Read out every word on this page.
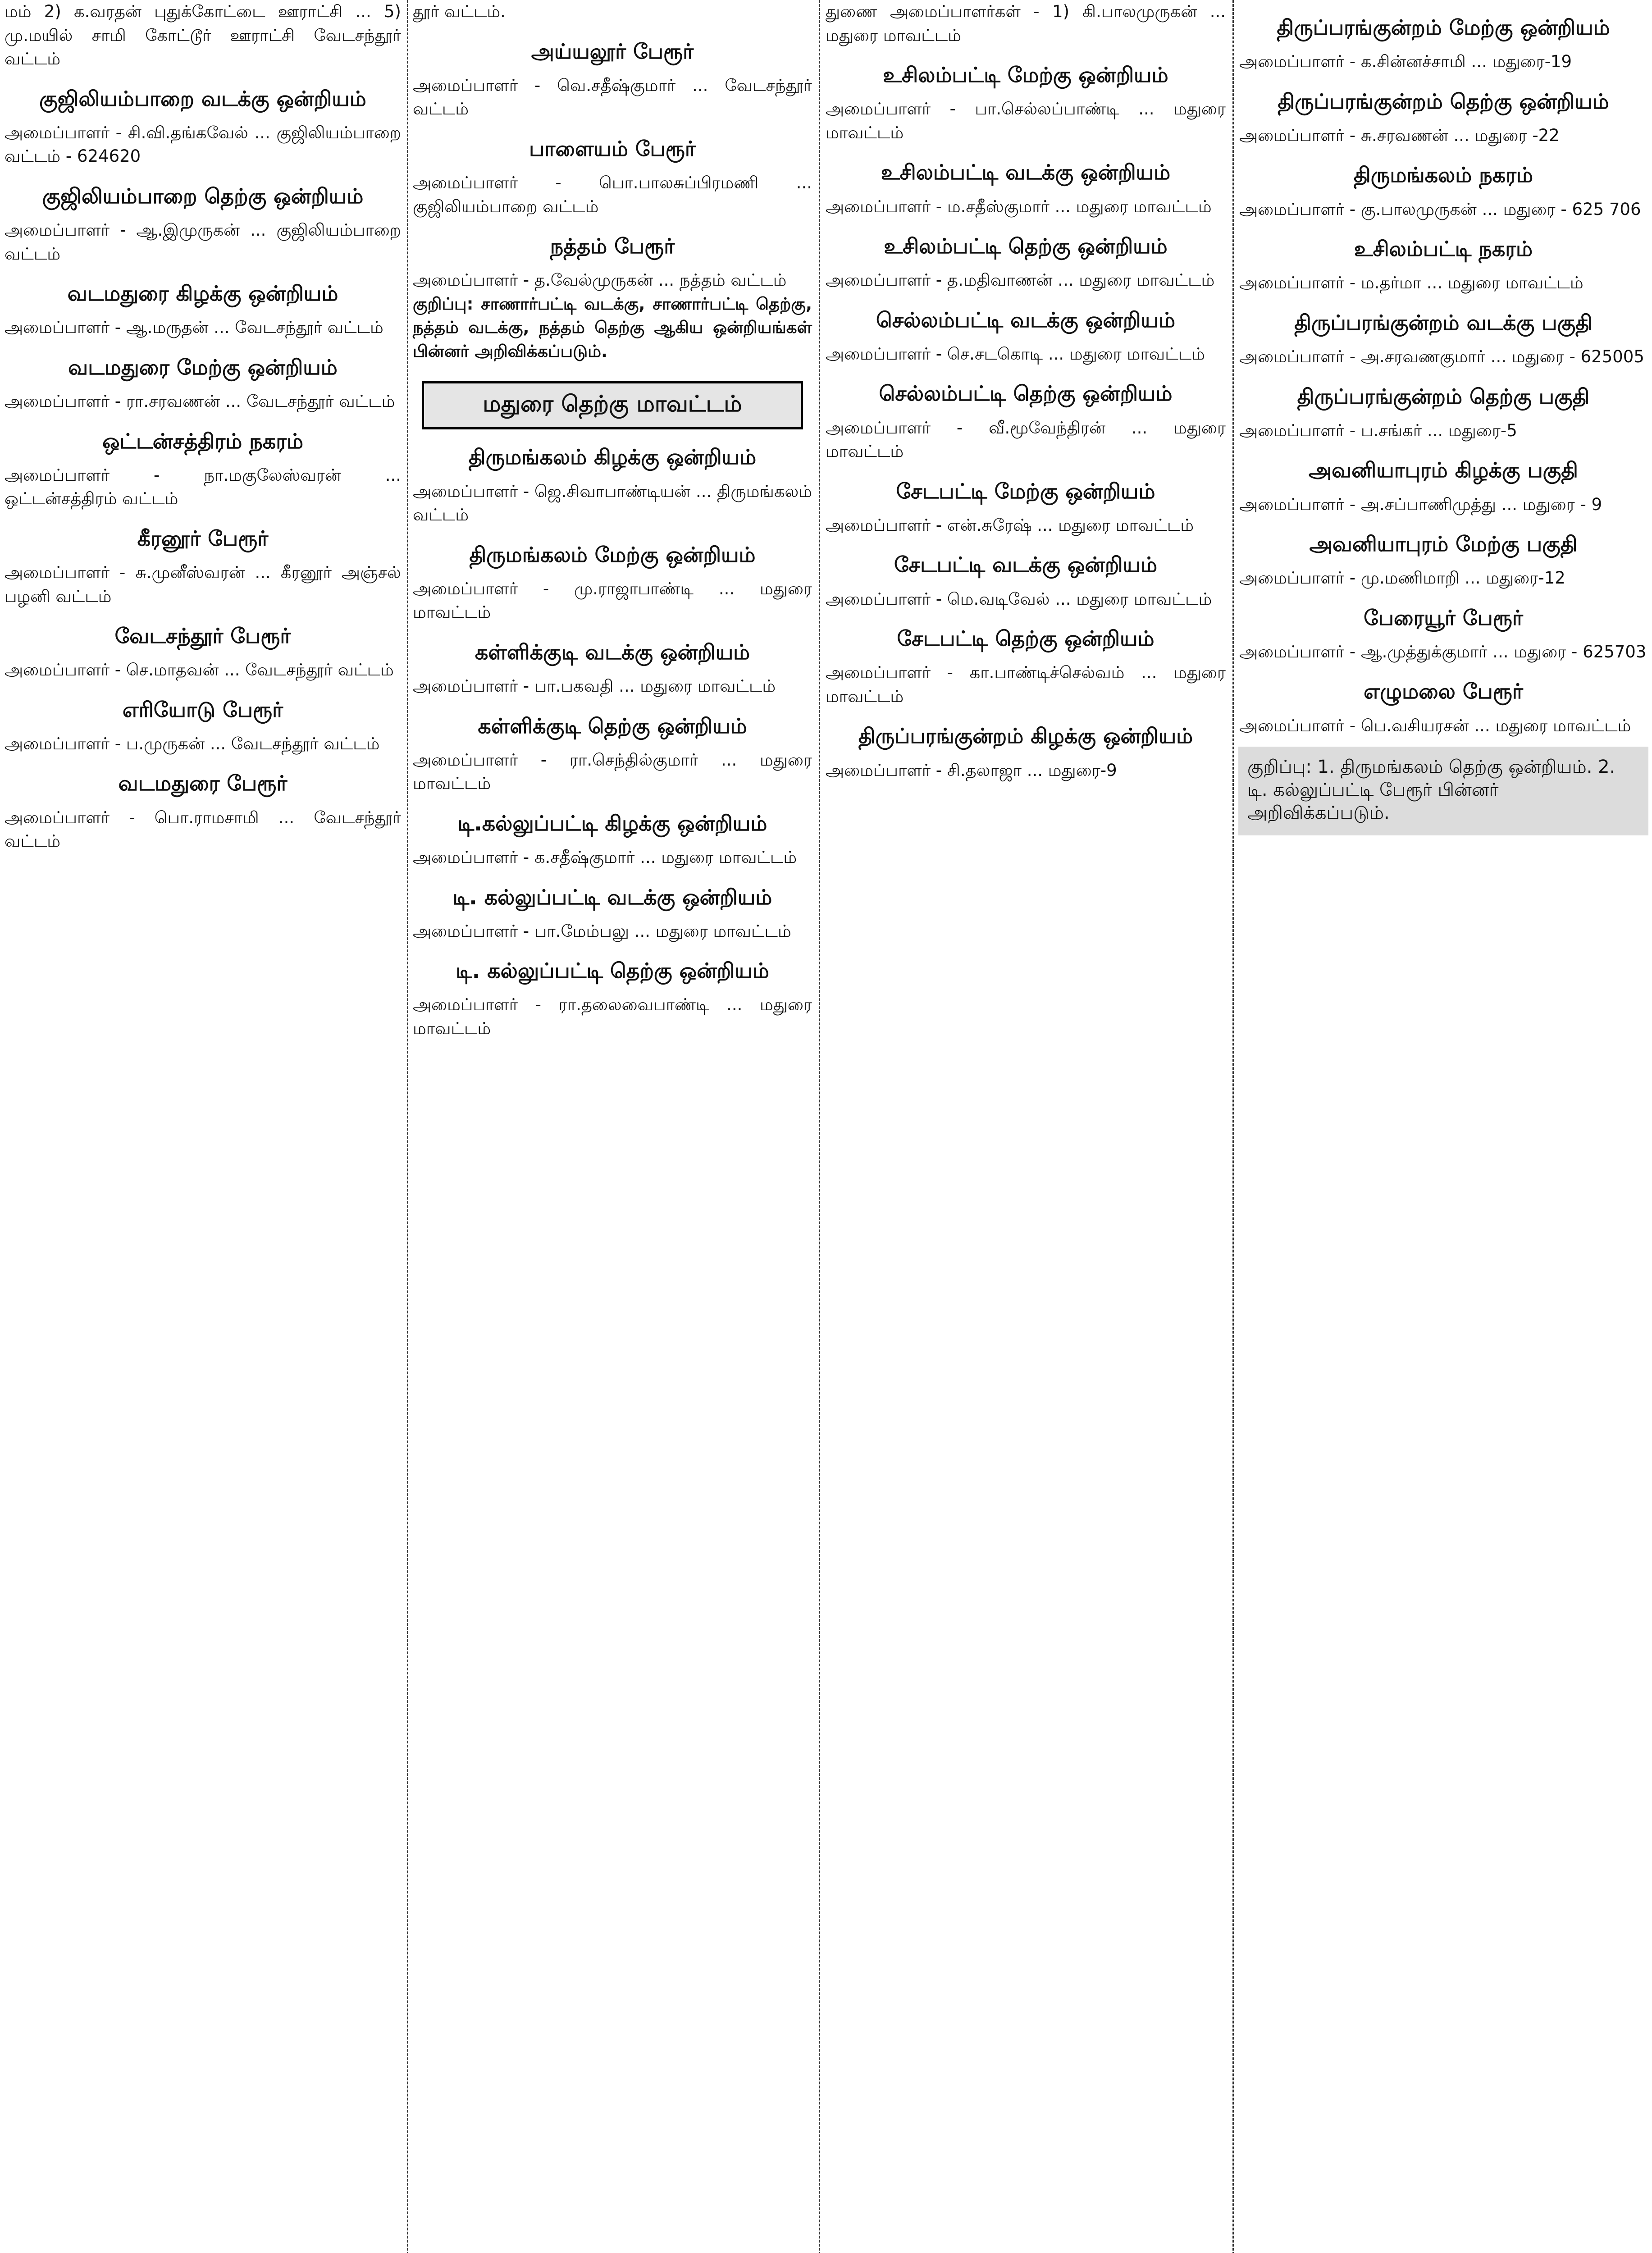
மம் 2) க.வரதன் புதுக்கோட்டை ஊராட்சி ... 5) மு.மயில் சாமி கோட்டூர் ஊராட்சி வேடசந்தூர் வட்டம்
குஜிலியம்பாறை வடக்கு ஒன்றியம்
அமைப்பாளர் - சி.வி.தங்கவேல் ... குஜிலியம்பாறை வட்டம் - 624620
குஜிலியம்பாறை தெற்கு ஒன்றியம்
அமைப்பாளர் - ஆ.இமுருகன் ... குஜிலியம்பாறை வட்டம்
வடமதுரை கிழக்கு ஒன்றியம்
அமைப்பாளர் - ஆ.மருதன் ... வேடசந்தூர் வட்டம்
வடமதுரை மேற்கு ஒன்றியம்
அமைப்பாளர் - ரா.சரவணன் ... வேடசந்தூர் வட்டம்
ஒட்டன்சத்திரம் நகரம்
அமைப்பாளர் - நா.மகுலேஸ்வரன் ... ஒட்டன்சத்திரம் வட்டம்
கீரனூர் பேரூர்
அமைப்பாளர் - சு.முனீஸ்வரன் ... கீரனூர் அஞ்சல் பழனி வட்டம்
வேடசந்தூர் பேரூர்
அமைப்பாளர் - செ.மாதவன் ... வேடசந்தூர் வட்டம்
எரியோடு பேரூர்
அமைப்பாளர் - ப.முருகன் ... வேடசந்தூர் வட்டம்
வடமதுரை பேரூர்
அமைப்பாளர் - பொ.ராமசாமி ... வேடசந்தூர் வட்டம்
தூர் வட்டம்.
அய்யலூர் பேரூர்
அமைப்பாளர் - வெ.சதீஷ்குமார் ... வேடசந்தூர் வட்டம்
பாளையம் பேரூர்
அமைப்பாளர் - பொ.பாலசுப்பிரமணி ... குஜிலியம்பாறை வட்டம்
நத்தம் பேரூர்
அமைப்பாளர் - த.வேல்முருகன் ... நத்தம் வட்டம்
குறிப்பு: சாணார்பட்டி வடக்கு, சாணார்பட்டி தெற்கு, நத்தம் வடக்கு, நத்தம் தெற்கு ஆகிய ஒன்றியங்கள் பின்னர் அறிவிக்கப்படும்.
மதுரை தெற்கு மாவட்டம்
திருமங்கலம் கிழக்கு ஒன்றியம்
அமைப்பாளர் - ஜெ.சிவாபாண்டியன் ... திருமங்கலம் வட்டம்
திருமங்கலம் மேற்கு ஒன்றியம்
அமைப்பாளர் - மு.ராஜாபாண்டி ... மதுரை மாவட்டம்
கள்ளிக்குடி வடக்கு ஒன்றியம்
அமைப்பாளர் - பா.பகவதி ... மதுரை மாவட்டம்
கள்ளிக்குடி தெற்கு ஒன்றியம்
அமைப்பாளர் - ரா.செந்தில்குமார் ... மதுரை மாவட்டம்
டி.கல்லுப்பட்டி கிழக்கு ஒன்றியம்
அமைப்பாளர் - க.சதீஷ்குமார் ... மதுரை மாவட்டம்
டி. கல்லுப்பட்டி வடக்கு ஒன்றியம்
அமைப்பாளர் - பா.மேம்பலு ... மதுரை மாவட்டம்
டி. கல்லுப்பட்டி தெற்கு ஒன்றியம்
அமைப்பாளர் - ரா.தலைவைபாண்டி ... மதுரை மாவட்டம்
துணை அமைப்பாளர்கள் - 1) கி.பாலமுருகன் ... மதுரை மாவட்டம்
உசிலம்பட்டி மேற்கு ஒன்றியம்
அமைப்பாளர் - பா.செல்லப்பாண்டி ... மதுரை மாவட்டம்
உசிலம்பட்டி வடக்கு ஒன்றியம்
அமைப்பாளர் - ம.சதீஸ்குமார் ... மதுரை மாவட்டம்
உசிலம்பட்டி தெற்கு ஒன்றியம்
அமைப்பாளர் - த.மதிவாணன் ... மதுரை மாவட்டம்
செல்லம்பட்டி வடக்கு ஒன்றியம்
அமைப்பாளர் - செ.சடகொடி ... மதுரை மாவட்டம்
செல்லம்பட்டி தெற்கு ஒன்றியம்
அமைப்பாளர் - வீ.மூவேந்திரன் ... மதுரை மாவட்டம்
சேடபட்டி மேற்கு ஒன்றியம்
அமைப்பாளர் - என்.சுரேஷ் ... மதுரை மாவட்டம்
சேடபட்டி வடக்கு ஒன்றியம்
அமைப்பாளர் - மெ.வடிவேல் ... மதுரை மாவட்டம்
சேடபட்டி தெற்கு ஒன்றியம்
அமைப்பாளர் - கா.பாண்டிச்செல்வம் ... மதுரை மாவட்டம்
திருப்பரங்குன்றம் கிழக்கு ஒன்றியம்
அமைப்பாளர் - சி.தலாஜா ... மதுரை-9
திருப்பரங்குன்றம் மேற்கு ஒன்றியம்
அமைப்பாளர் - க.சின்னச்சாமி ... மதுரை-19
திருப்பரங்குன்றம் தெற்கு ஒன்றியம்
அமைப்பாளர் - சு.சரவணன் ... மதுரை -22
திருமங்கலம் நகரம்
அமைப்பாளர் - கு.பாலமுருகன் ... மதுரை - 625 706
உசிலம்பட்டி நகரம்
அமைப்பாளர் - ம.தர்மா ... மதுரை மாவட்டம்
திருப்பரங்குன்றம் வடக்கு பகுதி
அமைப்பாளர் - அ.சரவணகுமார் ... மதுரை - 625005
திருப்பரங்குன்றம் தெற்கு பகுதி
அமைப்பாளர் - ப.சங்கர் ... மதுரை-5
அவனியாபுரம் கிழக்கு பகுதி
அமைப்பாளர் - அ.சப்பாணிமுத்து ... மதுரை - 9
அவனியாபுரம் மேற்கு பகுதி
அமைப்பாளர் - மு.மணிமாறி ... மதுரை-12
பேரையூர் பேரூர்
அமைப்பாளர் - ஆ.முத்துக்குமார் ... மதுரை - 625703
எழுமலை பேரூர்
அமைப்பாளர் - பெ.வசியரசன் ... மதுரை மாவட்டம்
குறிப்பு: 1. திருமங்கலம் தெற்கு ஒன்றியம். 2. டி. கல்லுப்பட்டி பேரூர் பின்னர் அறிவிக்கப்படும்.
